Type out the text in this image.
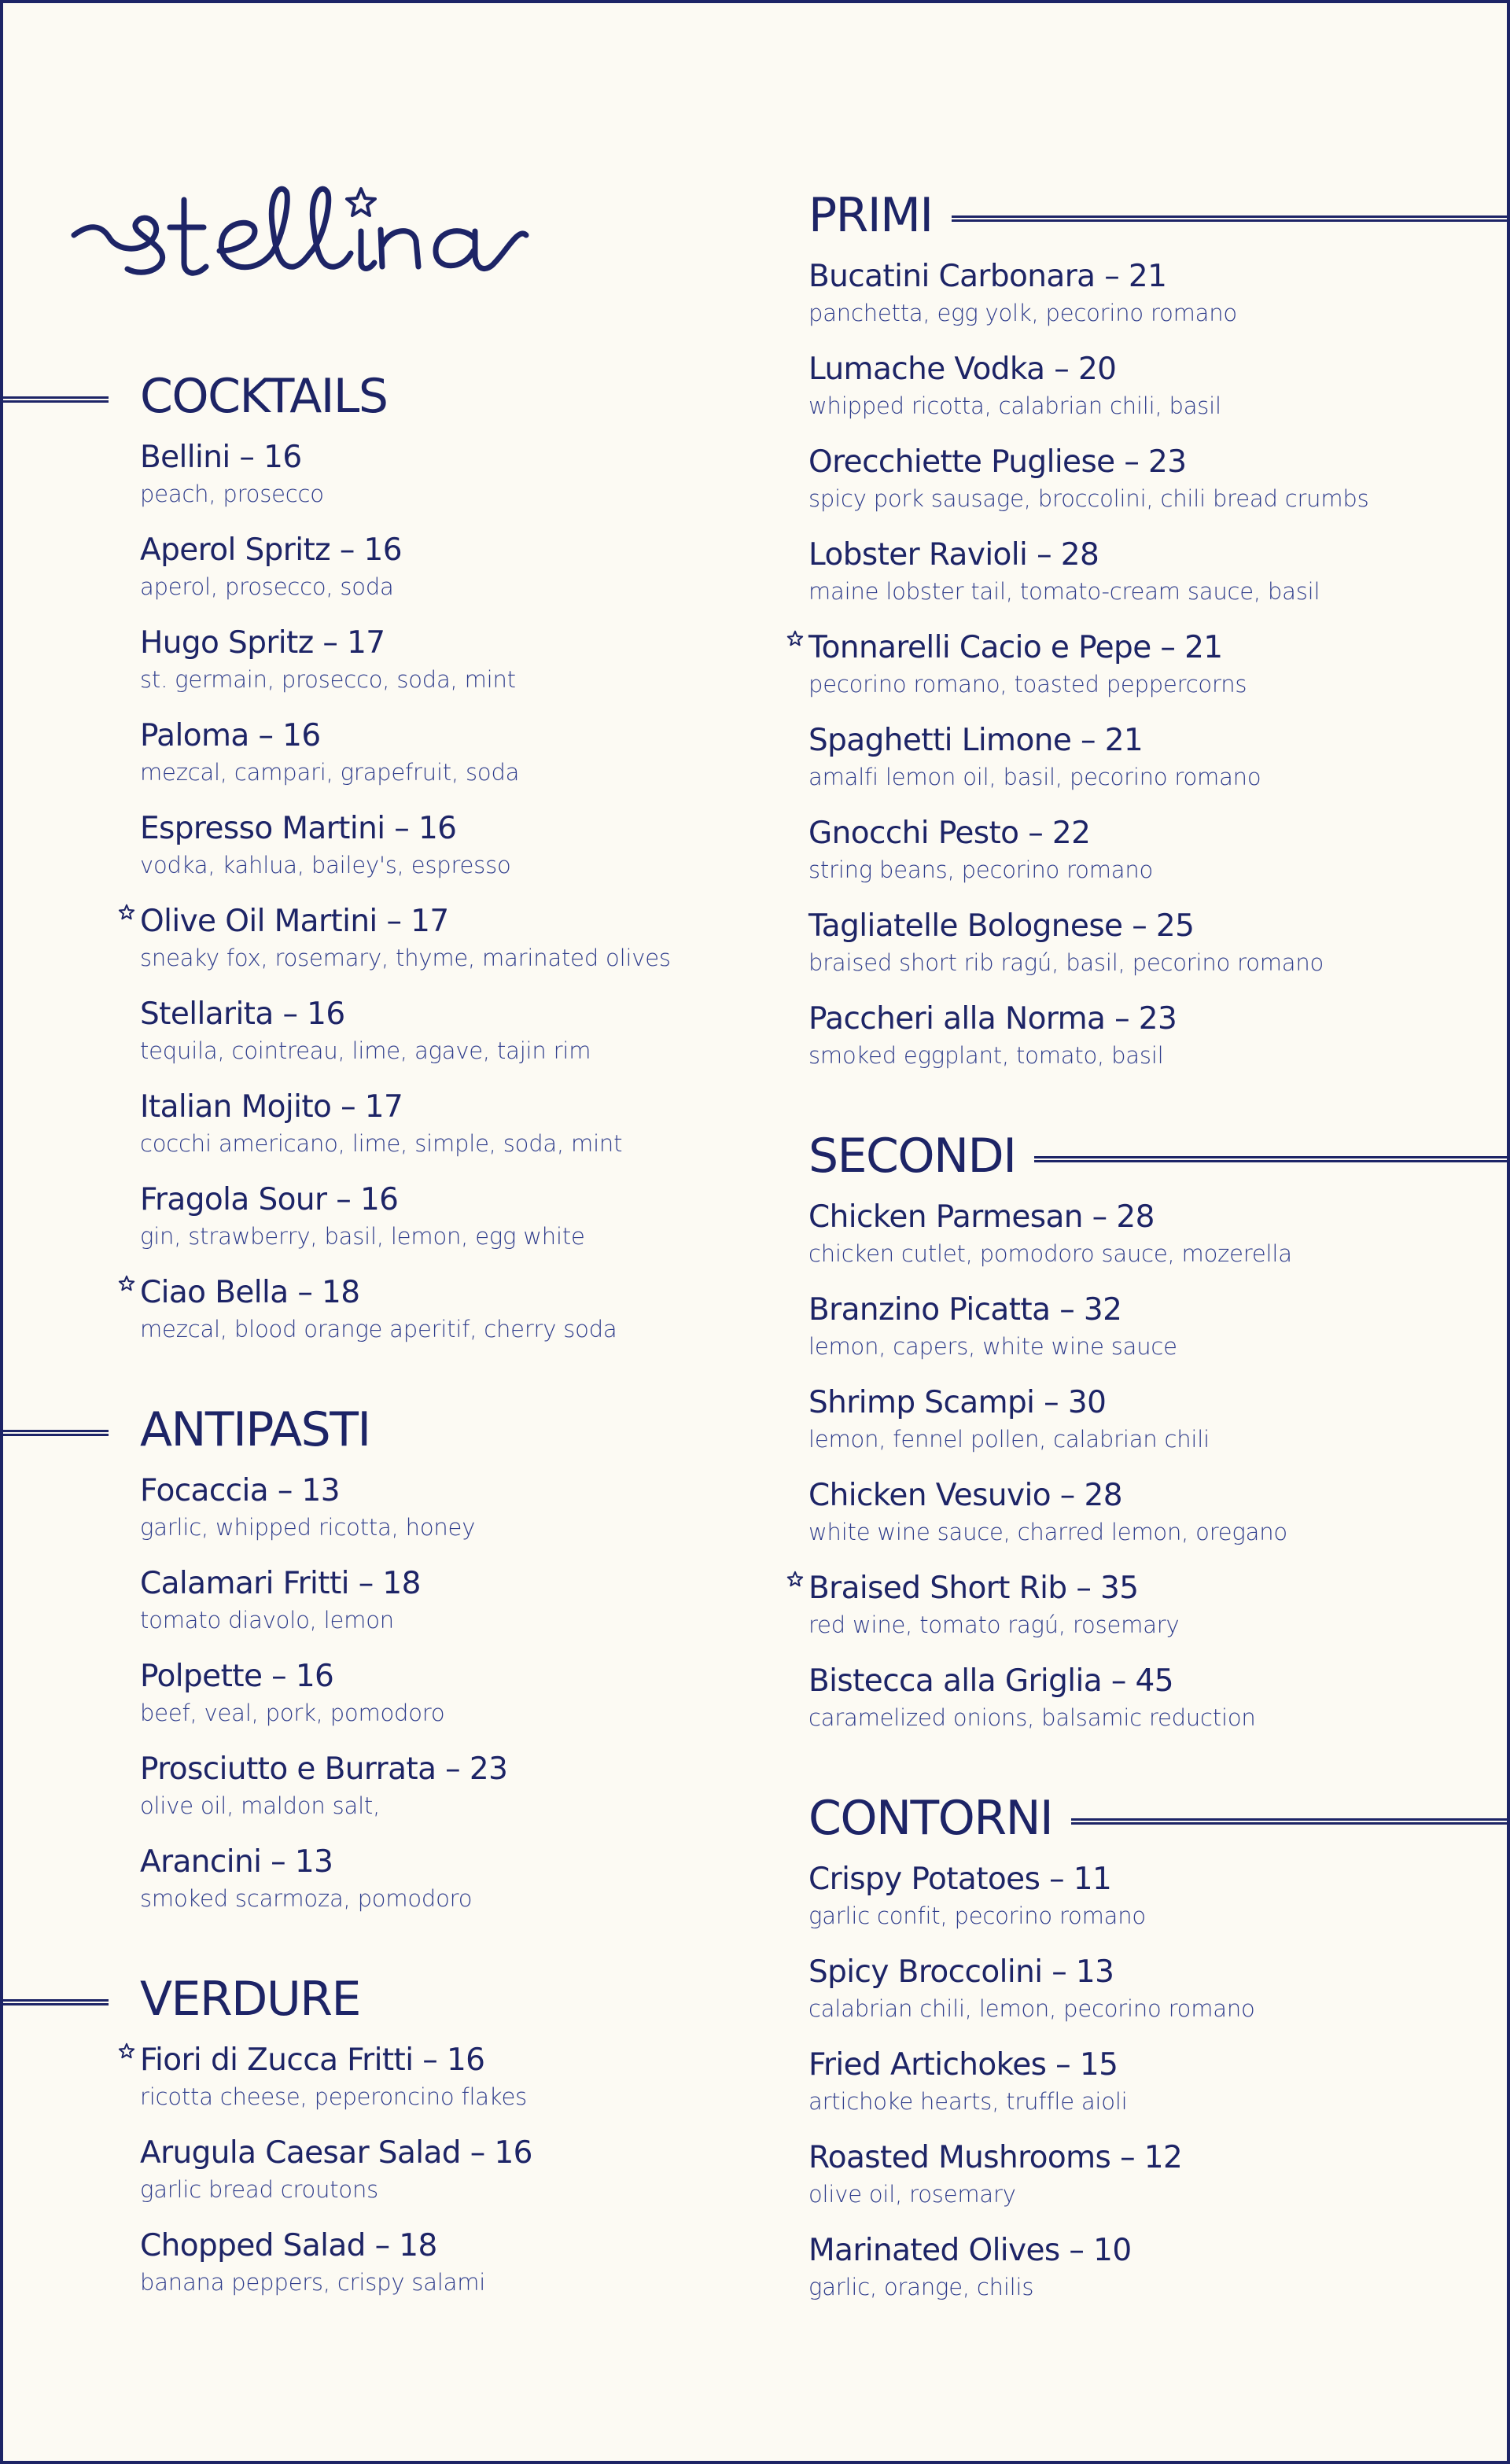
COCKTAILS
Bellini – 16
peach, prosecco
Aperol Spritz – 16
aperol, prosecco, soda
Hugo Spritz – 17
st. germain, prosecco, soda, mint
Paloma – 16
mezcal, campari, grapefruit, soda
Espresso Martini – 16
vodka, kahlua, bailey's, espresso
Olive Oil Martini – 17
sneaky fox, rosemary, thyme, marinated olives
Stellarita – 16
tequila, cointreau, lime, agave, tajin rim
Italian Mojito – 17
cocchi americano, lime, simple, soda, mint
Fragola Sour – 16
gin, strawberry, basil, lemon, egg white
Ciao Bella – 18
mezcal, blood orange aperitif, cherry soda
ANTIPASTI
Focaccia – 13
garlic, whipped ricotta, honey
Calamari Fritti – 18
tomato diavolo, lemon
Polpette – 16
beef, veal, pork, pomodoro
Prosciutto e Burrata – 23
olive oil, maldon salt,
Arancini – 13
smoked scarmoza, pomodoro
VERDURE
Fiori di Zucca Fritti – 16
ricotta cheese, peperoncino flakes
Arugula Caesar Salad – 16
garlic bread croutons
Chopped Salad – 18
banana peppers, crispy salami
PRIMI
Bucatini Carbonara – 21
panchetta, egg yolk, pecorino romano
Lumache Vodka – 20
whipped ricotta, calabrian chili, basil
Orecchiette Pugliese – 23
spicy pork sausage, broccolini, chili bread crumbs
Lobster Ravioli – 28
maine lobster tail, tomato-cream sauce, basil
Tonnarelli Cacio e Pepe – 21
pecorino romano, toasted peppercorns
Spaghetti Limone – 21
amalfi lemon oil, basil, pecorino romano
Gnocchi Pesto – 22
string beans, pecorino romano
Tagliatelle Bolognese – 25
braised short rib ragú, basil, pecorino romano
Paccheri alla Norma – 23
smoked eggplant, tomato, basil
SECONDI
Chicken Parmesan – 28
chicken cutlet, pomodoro sauce, mozerella
Branzino Picatta – 32
lemon, capers, white wine sauce
Shrimp Scampi – 30
lemon, fennel pollen, calabrian chili
Chicken Vesuvio – 28
white wine sauce, charred lemon, oregano
Braised Short Rib – 35
red wine, tomato ragú, rosemary
Bistecca alla Griglia – 45
caramelized onions, balsamic reduction
CONTORNI
Crispy Potatoes – 11
garlic confit, pecorino romano
Spicy Broccolini – 13
calabrian chili, lemon, pecorino romano
Fried Artichokes – 15
artichoke hearts, truffle aioli
Roasted Mushrooms – 12
olive oil, rosemary
Marinated Olives – 10
garlic, orange, chilis
